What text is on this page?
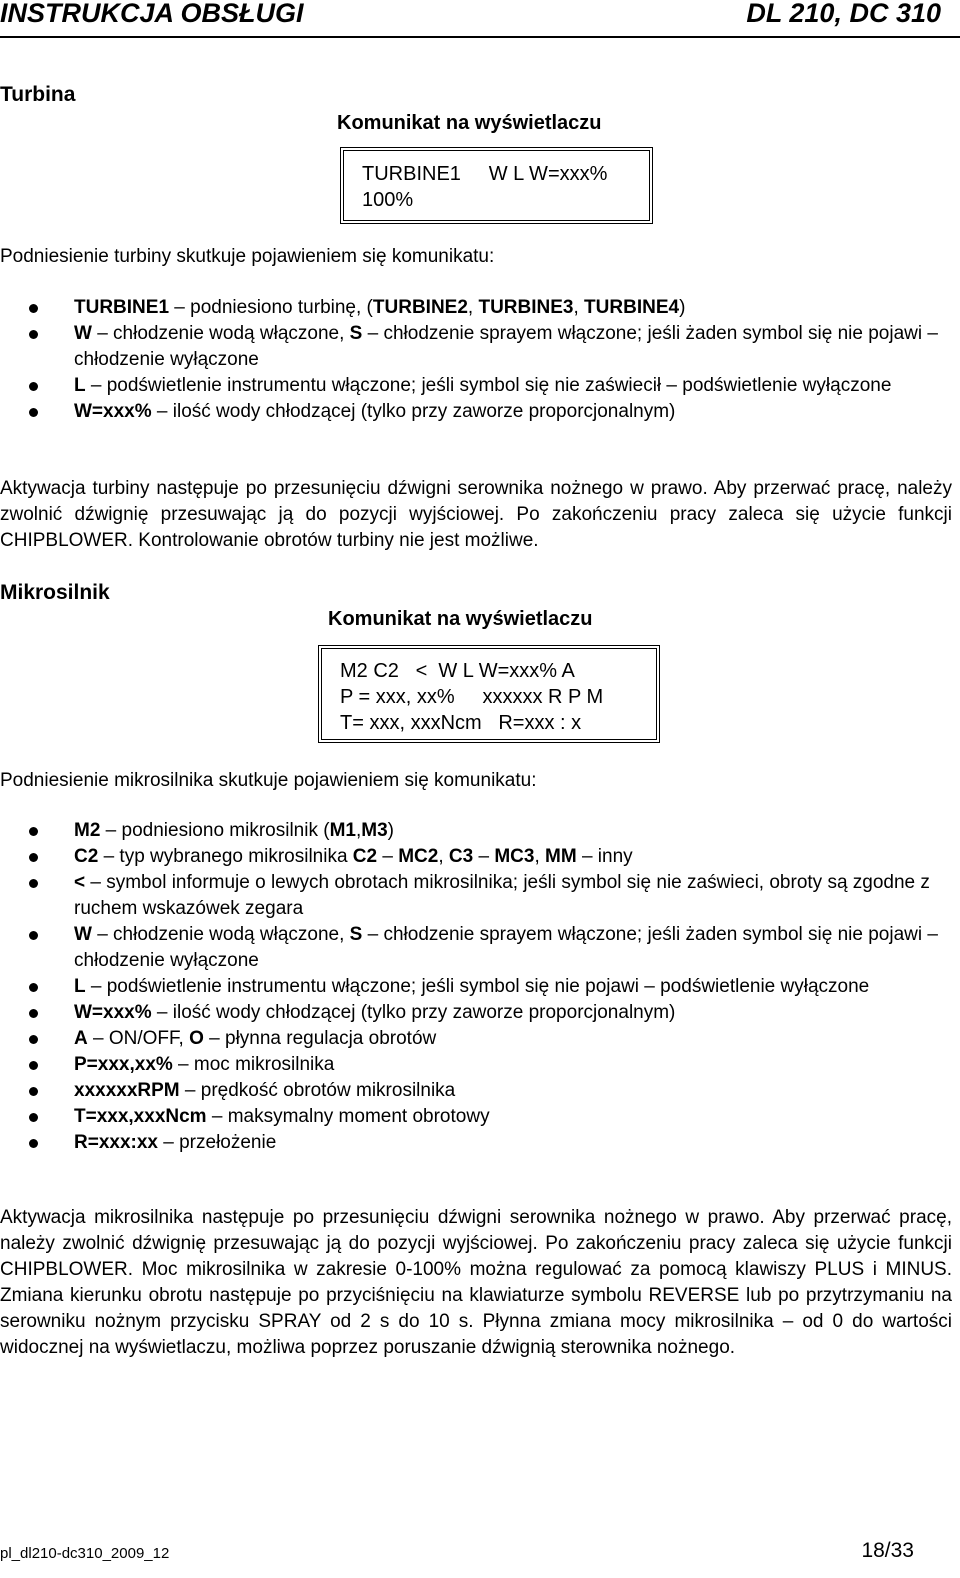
INSTRUKCJA OBSŁUGI	DL 210, DC 310
Turbina
Komunikat na wyświetlaczu
TURBINE1     W L W=xxx%
100%
Podniesienie turbiny skutkuje pojawieniem się komunikatu:
TURBINE1 – podniesiono turbinę, (TURBINE2, TURBINE3, TURBINE4)
W – chłodzenie wodą włączone, S – chłodzenie sprayem włączone; jeśli żaden symbol się nie pojawi – chłodzenie wyłączone
L – podświetlenie instrumentu włączone; jeśli symbol się nie zaświecił – podświetlenie wyłączone
W=xxx% – ilość wody chłodzącej (tylko przy zaworze proporcjonalnym)
Aktywacja turbiny następuje po przesunięciu dźwigni serownika nożnego w prawo. Aby przerwać pracę, należy zwolnić dźwignię przesuwając ją do pozycji wyjściowej. Po zakończeniu pracy zaleca się użycie funkcji CHIPBLOWER. Kontrolowanie obrotów turbiny nie jest możliwe.
Mikrosilnik
Komunikat na wyświetlaczu
M2 C2   <  W L W=xxx% A
P = xxx, xx%     xxxxxx R P M
T= xxx, xxxNcm   R=xxx : x
Podniesienie mikrosilnika skutkuje pojawieniem się komunikatu:
M2 – podniesiono mikrosilnik (M1,M3)
C2 – typ wybranego mikrosilnika C2 – MC2, C3 – MC3, MM – inny
< – symbol informuje o lewych obrotach mikrosilnika; jeśli symbol się nie zaświeci, obroty są zgodne z ruchem wskazówek zegara
W – chłodzenie wodą włączone, S – chłodzenie sprayem włączone; jeśli żaden symbol się nie pojawi – chłodzenie wyłączone
L – podświetlenie instrumentu włączone; jeśli symbol się nie pojawi – podświetlenie wyłączone
W=xxx% – ilość wody chłodzącej (tylko przy zaworze proporcjonalnym)
A – ON/OFF, O – płynna regulacja obrotów
P=xxx,xx% – moc mikrosilnika
xxxxxxRPM – prędkość obrotów mikrosilnika
T=xxx,xxxNcm – maksymalny moment obrotowy
R=xxx:xx – przełożenie
Aktywacja mikrosilnika następuje po przesunięciu dźwigni serownika nożnego w prawo. Aby przerwać pracę, należy zwolnić dźwignię przesuwając ją do pozycji wyjściowej. Po zakończeniu pracy zaleca się użycie funkcji CHIPBLOWER. Moc mikrosilnika w zakresie 0-100% można regulować za pomocą klawiszy PLUS i MINUS. Zmiana kierunku obrotu następuje po przyciśnięciu na klawiaturze symbolu REVERSE lub po przytrzymaniu na serowniku nożnym przycisku SPRAY od 2 s do 10 s. Płynna zmiana mocy mikrosilnika – od 0 do wartości widocznej na wyświetlaczu, możliwa poprzez poruszanie dźwignią sterownika nożnego.
pl_dl210-dc310_2009_12	18/33
